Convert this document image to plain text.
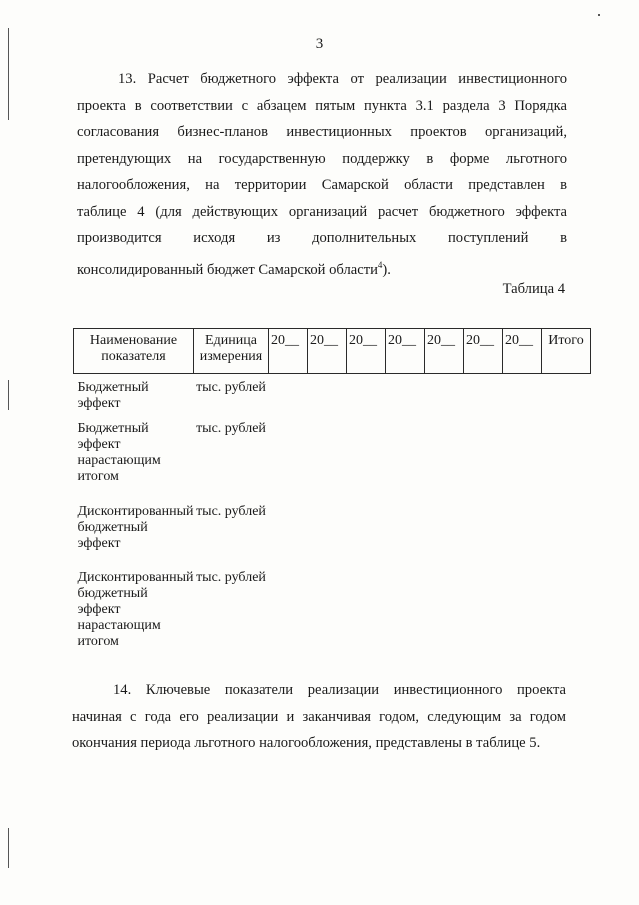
3
13. Расчет бюджетного эффекта от реализации инвестиционного
проекта в соответствии с абзацем пятым пункта 3.1 раздела 3 Порядка
согласования бизнес-планов инвестиционных проектов организаций,
претендующих на государственную поддержку в форме льготного
налогообложения, на территории Самарской области представлен в
таблице 4 (для действующих организаций расчет бюджетного эффекта
производится исходя из дополнительных поступлений в
консолидированный бюджет Самарской области$^4$).
Таблица 4
Наименование показателя	Единица измерения	20__	20__	20__	20__	20__	20__	20__	Итого
Бюджетный эффект	тыс. рублей								
Бюджетный эффект нарастающим итогом	тыс. рублей								
Дисконтированный бюджетный эффект	тыс. рублей								
Дисконтированный бюджетный эффект нарастающим итогом	тыс. рублей								
14. Ключевые показатели реализации инвестиционного проекта
начиная с года его реализации и заканчивая годом, следующим за годом
окончания периода льготного налогообложения, представлены в таблице 5.
